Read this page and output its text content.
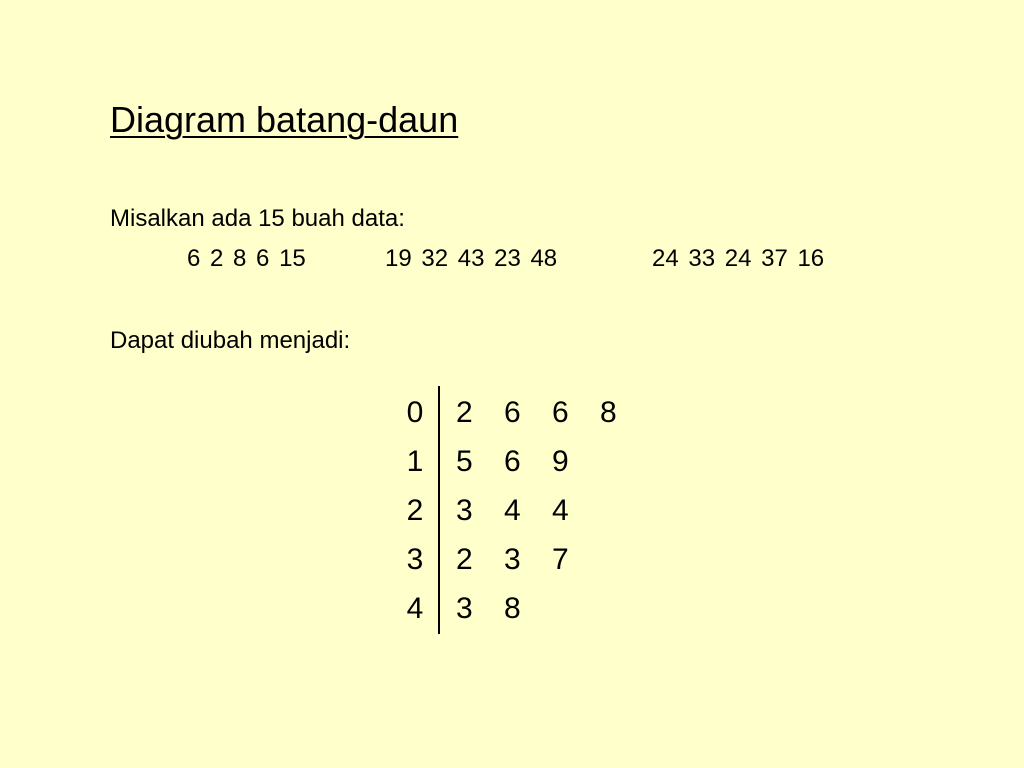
Diagram batang-daun
Misalkan ada 15 buah data:
6 2 8 6 15	19 32 43 23 48	24 33 24 37 16
Dapat diubah menjadi:
0 2	6	6	8
1 5	6	9
2 3	4	4
3 2	3	7
4 3	8
